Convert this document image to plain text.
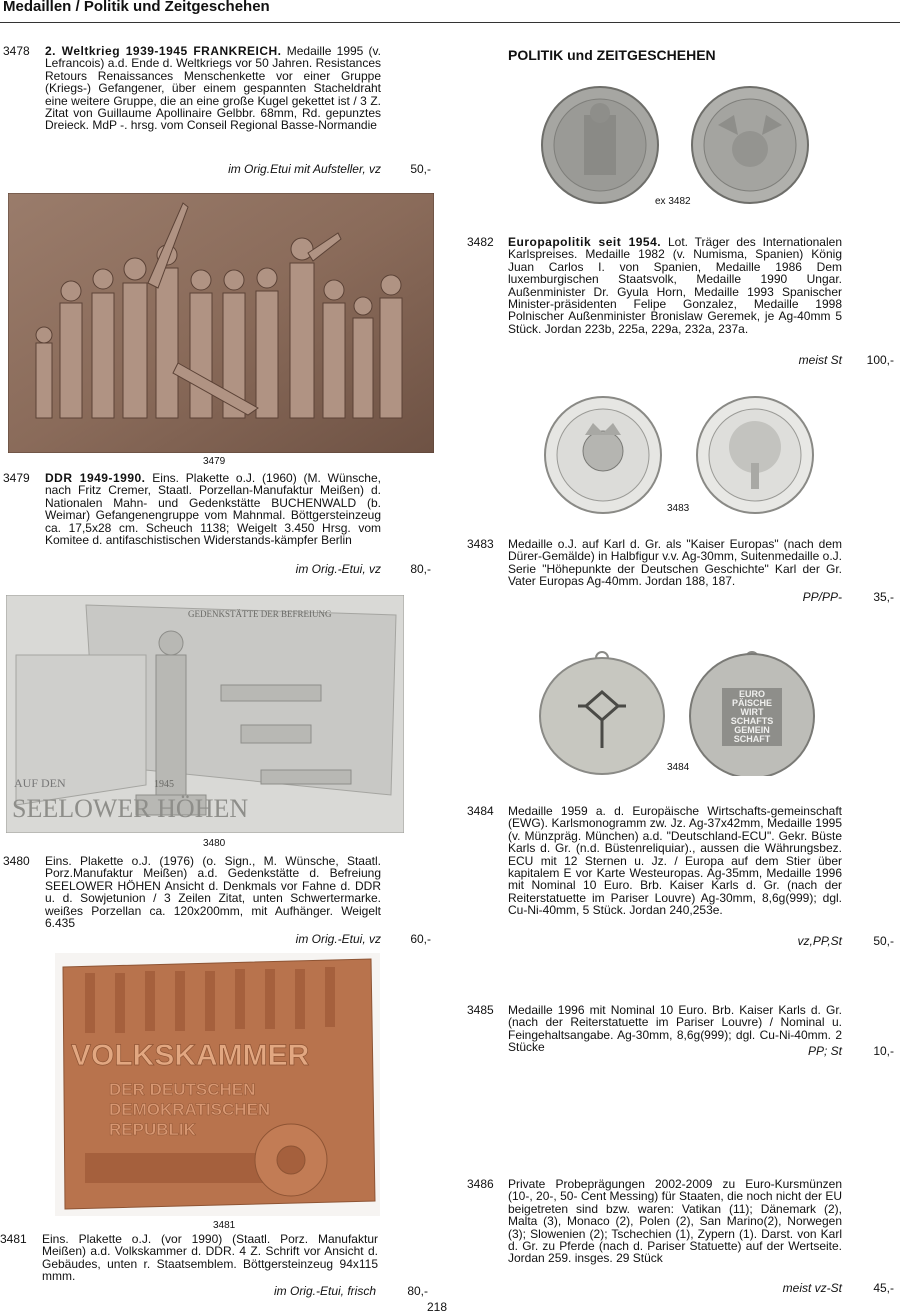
Medaillen / Politik und Zeitgeschehen
3478	2. Weltkrieg 1939-1945 FRANKREICH. Medaille 1995 (v. Lefrancois) a.d. Ende d. Weltkriegs vor 50 Jahren. Resistances Retours Renaissances Menschenkette vor einer Gruppe (Kriegs-) Gefangener, über einem gespannten Stacheldraht eine weitere Gruppe, die an eine große Kugel gekettet ist / 3 Z. Zitat von Guillaume Apollinaire Gelbbr. 68mm, Rd. gepunztes Dreieck. MdP -. hrsg. vom Conseil Regional Basse-Normandie
im Orig.Etui mit Aufsteller, vz	50,-
3479
3479	DDR 1949-1990. Eins. Plakette o.J. (1960) (M. Wünsche, nach Fritz Cremer, Staatl. Porzellan-Manufaktur Meißen) d. Nationalen Mahn- und Gedenkstätte BUCHENWALD (b. Weimar) Gefangenengruppe vom Mahnmal. Böttgersteinzeug ca. 17,5x28 cm. Scheuch 1138; Weigelt 3.450 Hrsg. vom Komitee d. antifaschistischen Widerstands-kämpfer Berlin
im Orig.-Etui, vz	80,-
GEDENKSTÄTTE DER BEFREIUNG
1945
AUF DEN
SEELOWER HÖHEN
3480
3480	Eins. Plakette o.J. (1976) (o. Sign., M. Wünsche, Staatl. Porz.Manufaktur Meißen) a.d. Gedenkstätte d. Befreiung SEELOWER HÖHEN Ansicht d. Denkmals vor Fahne d. DDR u. d. Sowjetunion / 3 Zeilen Zitat, unten Schwertermarke. weißes Porzellan ca. 120x200mm, mit Aufhänger. Weigelt 6.435
im Orig.-Etui, vz	60,-
VOLKSKAMMER
DER DEUTSCHEN
DEMOKRATISCHEN
REPUBLIK
3481
3481	Eins. Plakette o.J. (vor 1990) (Staatl. Porz. Manufaktur Meißen) a.d. Volkskammer d. DDR. 4 Z. Schrift vor Ansicht d. Gebäudes, unten r. Staatsemblem. Böttgersteinzeug 94x115 mmm.
im Orig.-Etui, frisch	80,-
POLITIK und ZEITGESCHEHEN
ex 3482
3482	Europapolitik seit 1954. Lot. Träger des Internationalen Karlspreises. Medaille 1982 (v. Numisma, Spanien) König Juan Carlos I. von Spanien, Medaille 1986 Dem luxemburgischen Staatsvolk, Medaille 1990 Ungar. Außenminister Dr. Gyula Horn, Medaille 1993 Spanischer Minister-präsidenten Felipe Gonzalez, Medaille 1998 Polnischer Außenminister Bronislaw Geremek, je Ag-40mm 5 Stück. Jordan 223b, 225a, 229a, 232a, 237a.
meist St	100,-
3483
3483	Medaille o.J. auf Karl d. Gr. als "Kaiser Europas" (nach dem Dürer-Gemälde) in Halbfigur v.v. Ag-30mm, Suitenmedaille o.J. Serie "Höhepunkte der Deutschen Geschichte" Karl der Gr. Vater Europas Ag-40mm. Jordan 188, 187.
PP/PP-	35,-
EURO PÄISCHE WIRT SCHAFTS GEMEIN SCHAFT
3484
3484	Medaille 1959 a. d. Europäische Wirtschafts-gemeinschaft (EWG). Karlsmonogramm zw. Jz. Ag-37x42mm, Medaille 1995 (v. Münzpräg. München) a.d. "Deutschland-ECU". Gekr. Büste Karls d. Gr. (n.d. Büstenreliquiar)., aussen die Währungsbez. ECU mit 12 Sternen u. Jz. / Europa auf dem Stier über kapitalem E vor Karte Westeuropas. Ag-35mm, Medaille 1996 mit Nominal 10 Euro. Brb. Kaiser Karls d. Gr. (nach der Reiterstatuette im Pariser Louvre) Ag-30mm, 8,6g(999); dgl. Cu-Ni-40mm, 5 Stück. Jordan 240,253e.
vz,PP,St	50,-
3485	Medaille 1996 mit Nominal 10 Euro. Brb. Kaiser Karls d. Gr. (nach der Reiterstatuette im Pariser Louvre) / Nominal u. Feingehaltsangabe. Ag-30mm, 8,6g(999); dgl. Cu-Ni-40mm. 2 Stücke	PP; St	10,-
3486	Private Probeprägungen 2002-2009 zu Euro-Kursmünzen (10-, 20-, 50- Cent Messing) für Staaten, die noch nicht der EU beigetreten sind bzw. waren: Vatikan (11); Dänemark (2), Malta (3), Monaco (2), Polen (2), San Marino(2), Norwegen (3); Slowenien (2); Tschechien (1), Zypern (1). Darst. von Karl d. Gr. zu Pferde (nach d. Pariser Statuette) auf der Wertseite. Jordan 259. insges. 29 Stück
meist vz-St	45,-
218
